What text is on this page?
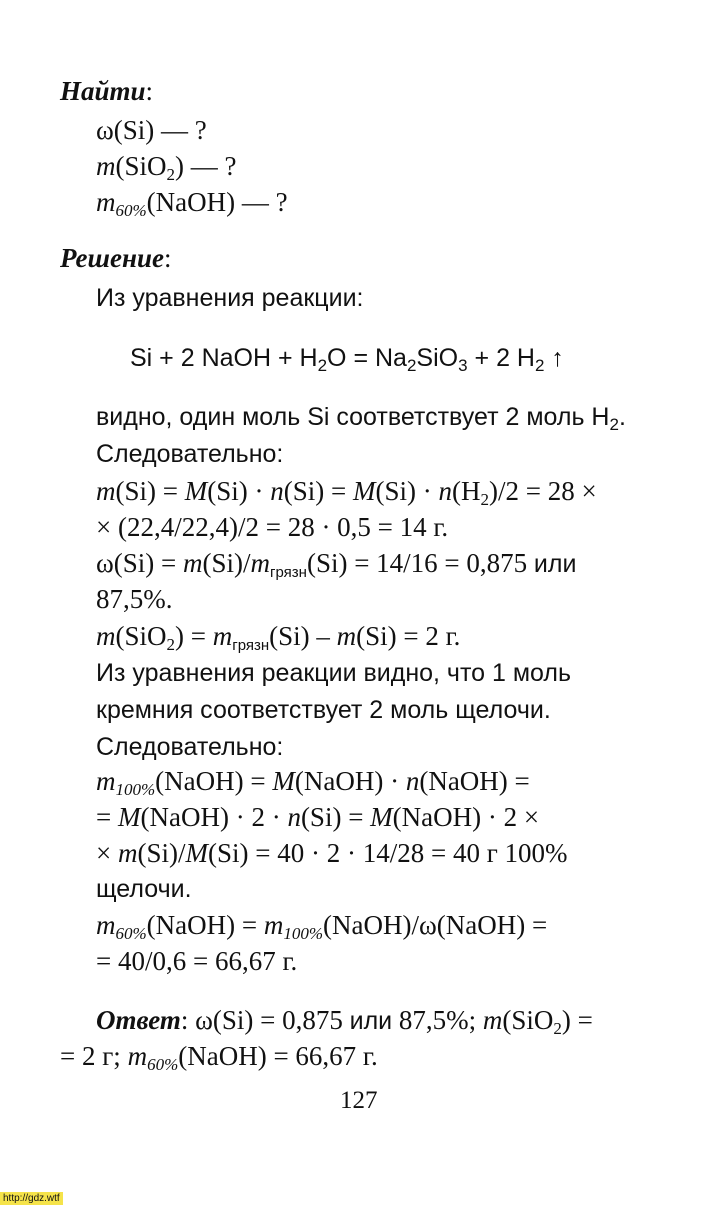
Найти:
ω(Si) — ?
m(SiO$_2$) — ?
$m_{60\%}(NaOH)$ — ?
Решение:
Из уравнения реакции:
Si + 2 NaOH + $H_2O = Na_2SiO_3 + 2$ $H_2$ ↑
видно, один моль Si соответствует 2 моль $H_2$.
Следовательно:
$m(Si) = M(Si) \cdot n(Si) = M(Si) \cdot n(H_2)/2 = 28$ ×
× (22,4/22,4)/2 = 28 · 0,5 = 14 г.
$\omega(Si) = m(Si)/m_{грязн}(Si) = 14/16 = 0,875$ или
87,5%.
$m(SiO_2) = m_{грязн}(Si) - m(Si) = 2$ г.
Из уравнения реакции видно, что 1 моль
кремния соответствует 2 моль щелочи.
Следовательно:
$m_{100\%}(NaOH)$ = M(NaOH) · n(NaOH) =
= M(NaOH) · 2 · n(Si) = M(NaOH) · 2 ×
× m(Si)/M(Si) = 40 · 2 · 14/28 = 40 г 100%
щелочи.
$m_{60\%}(NaOH)$ = $m_{100\%}(NaOH)/\omega(NaOH)$ =
= 40/0,6 = 66,67 г.
Ответ: ω(Si) = 0,875 или 87,5%; m(SiO$_2$) =
= 2 г; $m_{60\%}(NaOH) = 66,67$ г.
127
http://gdz.wtf
